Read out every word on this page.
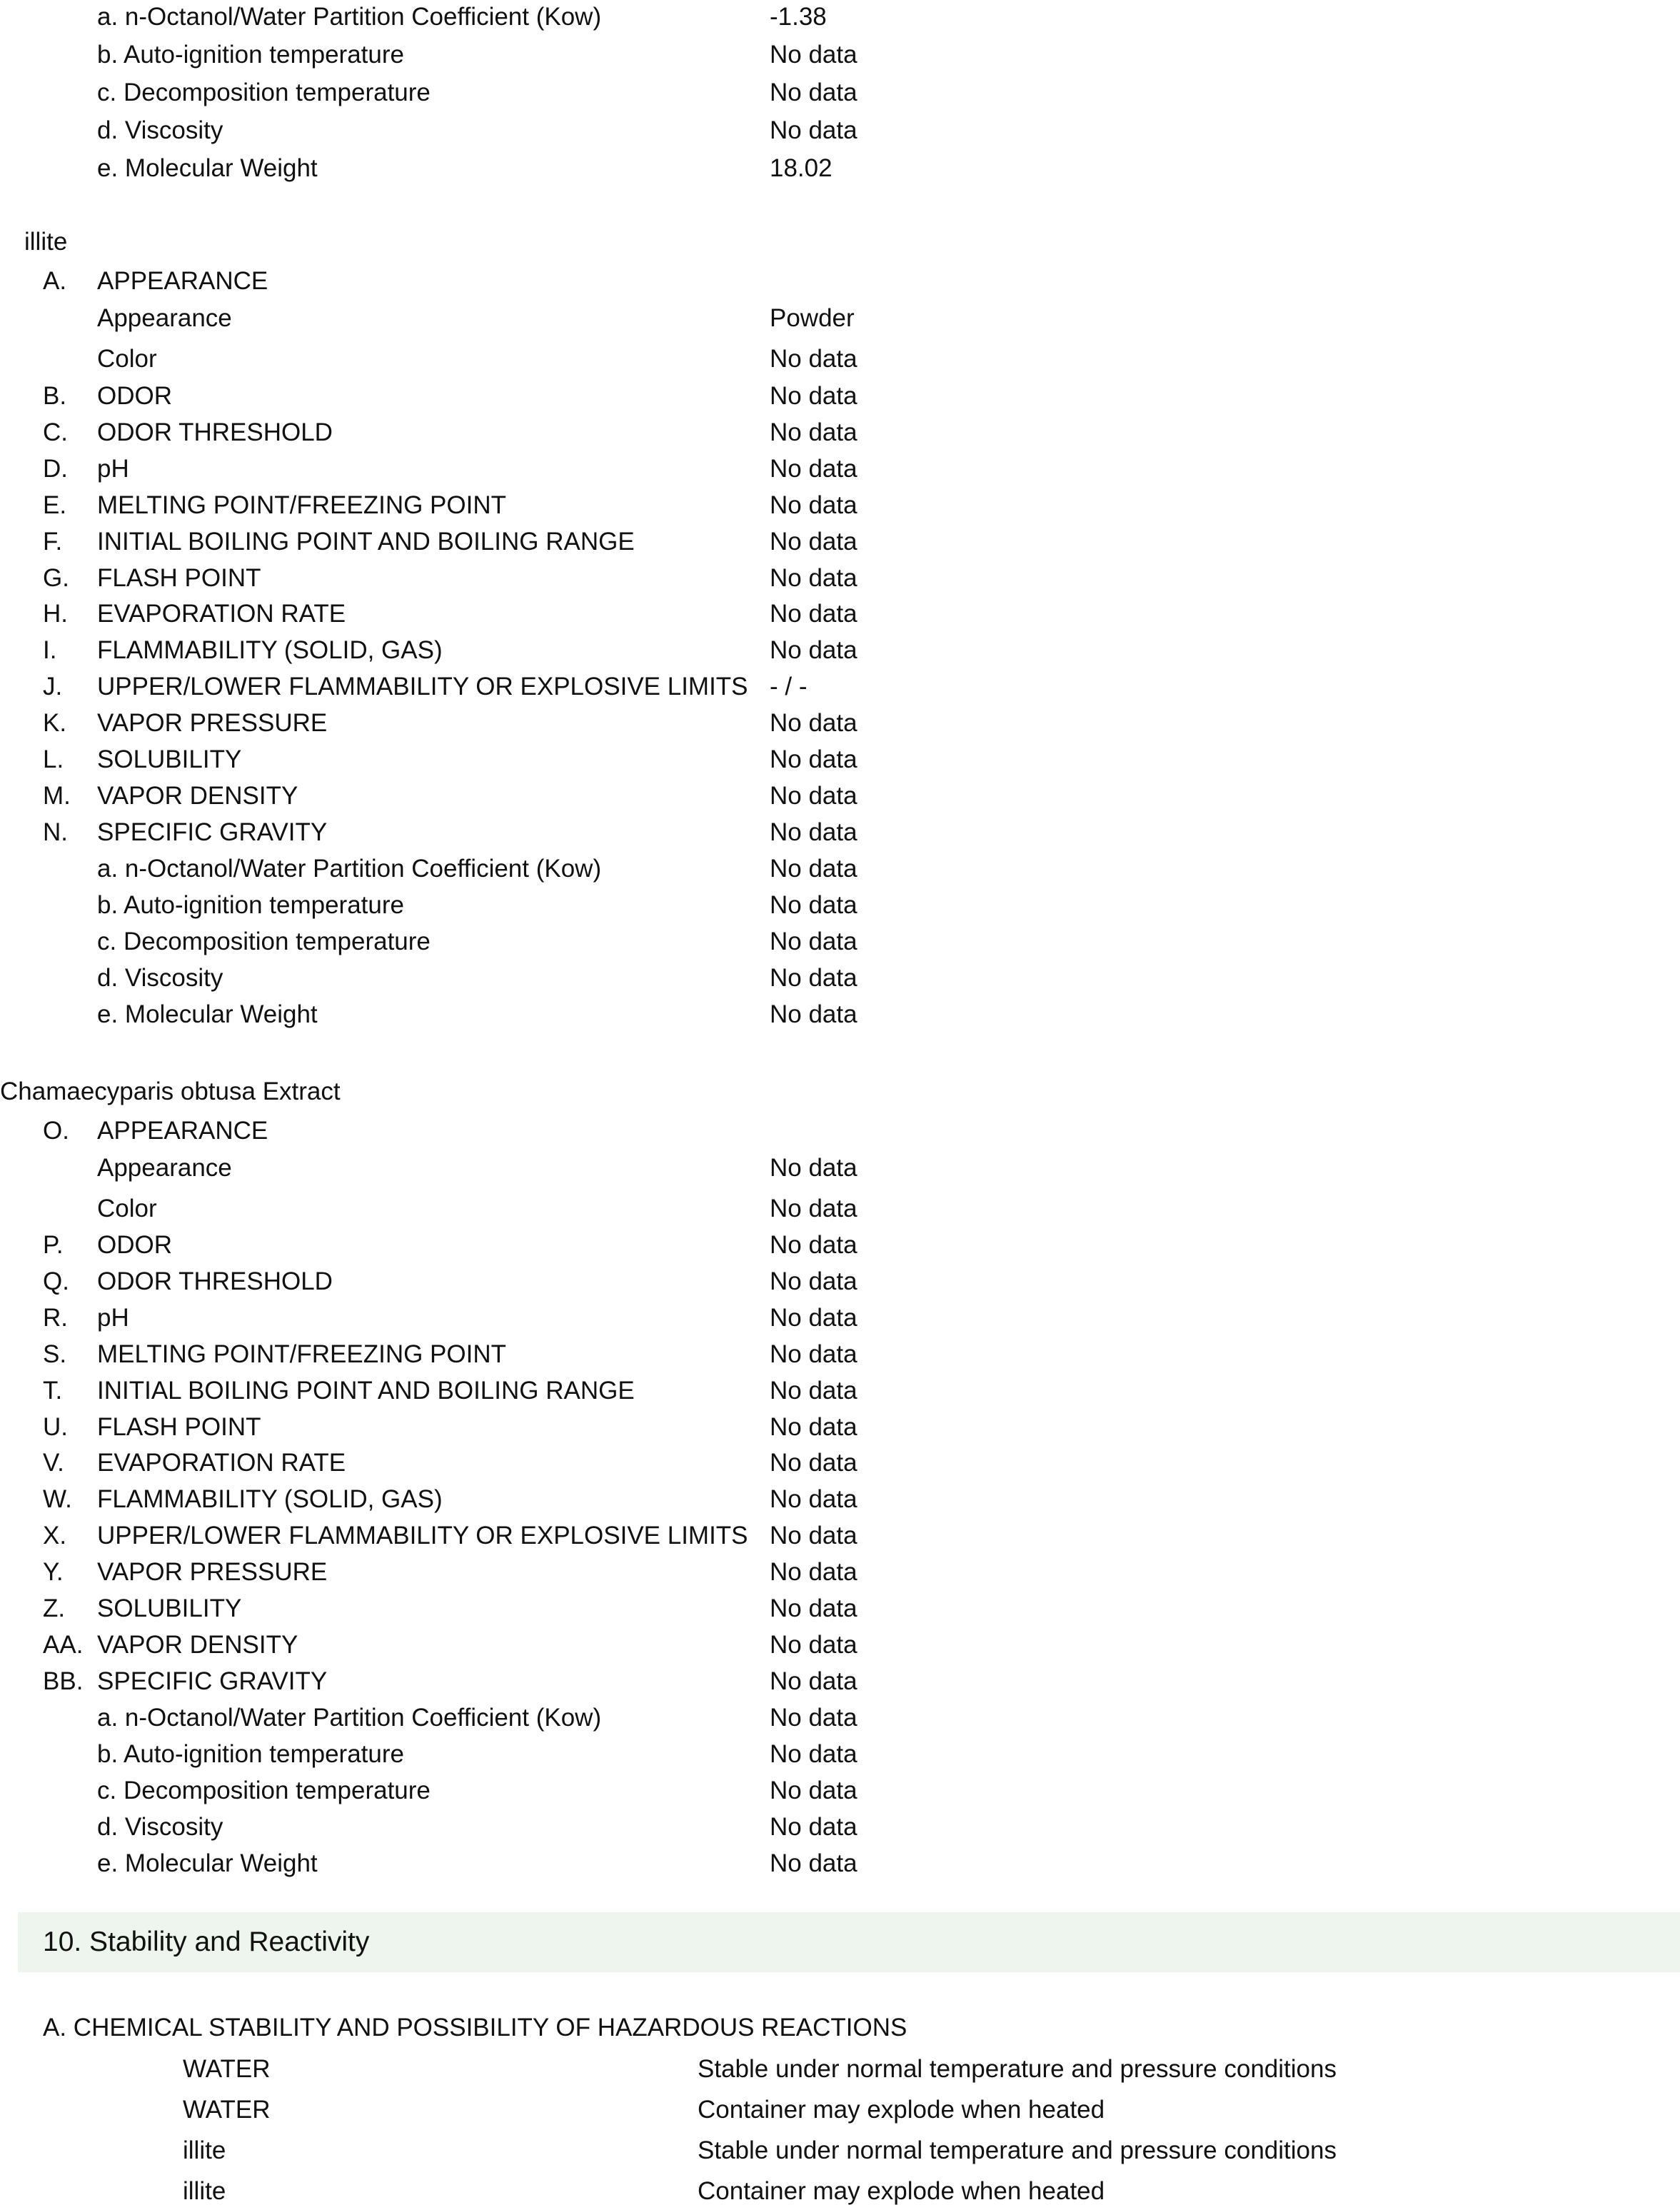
a. n-Octanol/Water Partition Coefficient (Kow)	-1.38
b. Auto-ignition temperature	No data
c. Decomposition temperature	No data
d. Viscosity	No data
e. Molecular Weight	18.02
illite
A. APPEARANCE
Appearance	Powder
Color	No data
B. ODOR	No data
C. ODOR THRESHOLD	No data
D. pH	No data
E. MELTING POINT/FREEZING POINT	No data
F. INITIAL BOILING POINT AND BOILING RANGE	No data
G. FLASH POINT	No data
H. EVAPORATION RATE	No data
I. FLAMMABILITY (SOLID, GAS)	No data
J. UPPER/LOWER FLAMMABILITY OR EXPLOSIVE LIMITS - / -
K. VAPOR PRESSURE	No data
L. SOLUBILITY	No data
M. VAPOR DENSITY	No data
N. SPECIFIC GRAVITY	No data
a. n-Octanol/Water Partition Coefficient (Kow)	No data
b. Auto-ignition temperature	No data
c. Decomposition temperature	No data
d. Viscosity	No data
e. Molecular Weight	No data
Chamaecyparis obtusa Extract
O. APPEARANCE
Appearance	No data
Color	No data
P. ODOR	No data
Q. ODOR THRESHOLD	No data
R. pH	No data
S. MELTING POINT/FREEZING POINT	No data
T. INITIAL BOILING POINT AND BOILING RANGE	No data
U. FLASH POINT	No data
V. EVAPORATION RATE	No data
W. FLAMMABILITY (SOLID, GAS)	No data
X. UPPER/LOWER FLAMMABILITY OR EXPLOSIVE LIMITS No data
Y. VAPOR PRESSURE	No data
Z. SOLUBILITY	No data
AA. VAPOR DENSITY	No data
BB. SPECIFIC GRAVITY	No data
a. n-Octanol/Water Partition Coefficient (Kow)	No data
b. Auto-ignition temperature	No data
c. Decomposition temperature	No data
d. Viscosity	No data
e. Molecular Weight	No data
10. Stability and Reactivity
A. CHEMICAL STABILITY AND POSSIBILITY OF HAZARDOUS REACTIONS
WATER	Stable under normal temperature and pressure conditions
WATER	Container may explode when heated
illite	Stable under normal temperature and pressure conditions
illite	Container may explode when heated
